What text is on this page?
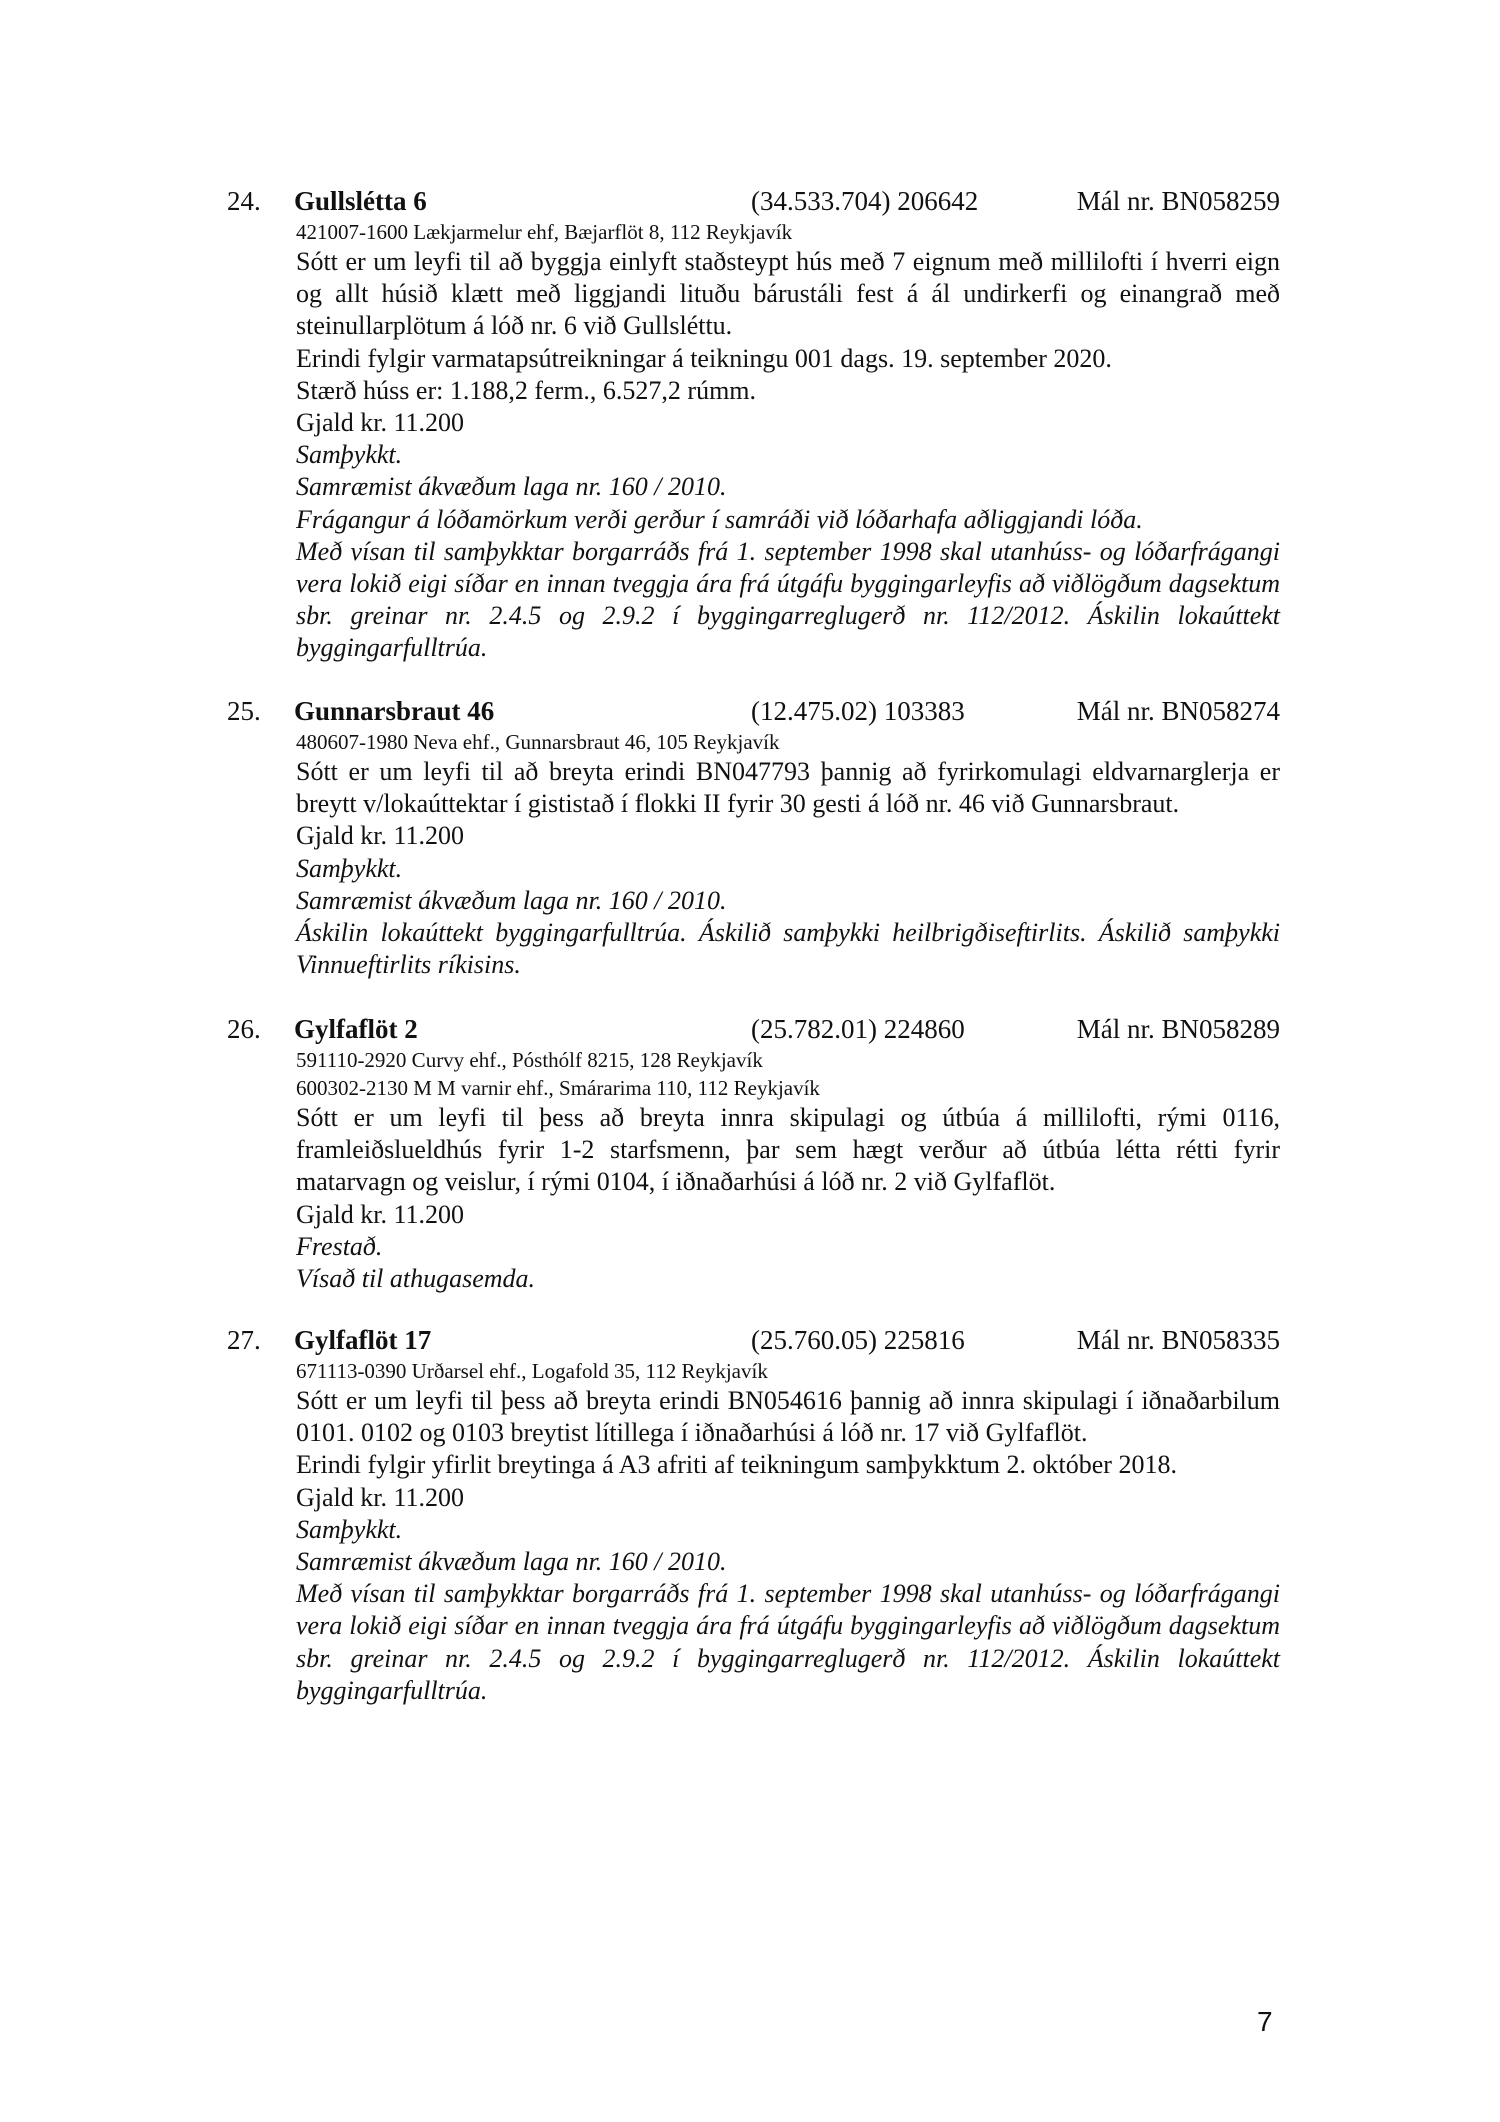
24. Gullslétta 6	(34.533.704) 206642	Mál nr. BN058259
421007-1600 Lækjarmelur ehf, Bæjarflöt 8, 112 Reykjavík

Sótt er um leyfi til að byggja einlyft staðsteypt hús með 7 eignum með millilofti í hverri eign og allt húsið klætt með liggjandi lituðu bárustáli fest á ál undirkerfi og einangrað með steinullarplötum á lóð nr. 6 við Gullsléttu.

Erindi fylgir varmatapsútreikningar á teikningu 001 dags. 19. september 2020.

Stærð húss er: 1.188,2 ferm., 6.527,2 rúmm.

Gjald kr. 11.200

Samþykkt.

Samræmist ákvæðum laga nr. 160 / 2010.

Frágangur á lóðamörkum verði gerður í samráði við lóðarhafa aðliggjandi lóða.

Með vísan til samþykktar borgarráðs frá 1. september 1998 skal utanhúss- og lóðarfrágangi vera lokið eigi síðar en innan tveggja ára frá útgáfu byggingarleyfis að viðlögðum dagsektum sbr. greinar nr. 2.4.5 og 2.9.2 í byggingarreglugerð nr. 112/2012. Áskilin lokaúttekt byggingarfulltrúa.

25. Gunnarsbraut 46	(12.475.02) 103383	Mál nr. BN058274
480607-1980 Neva ehf., Gunnarsbraut 46, 105 Reykjavík

Sótt er um leyfi til að breyta erindi BN047793 þannig að fyrirkomulagi eldvarnarglerja er breytt v/lokaúttektar í gististað í flokki II fyrir 30 gesti á lóð nr. 46 við Gunnarsbraut.

Gjald kr. 11.200

Samþykkt.

Samræmist ákvæðum laga nr. 160 / 2010.

Áskilin lokaúttekt byggingarfulltrúa. Áskilið samþykki heilbrigðiseftirlits. Áskilið samþykki Vinnueftirlits ríkisins.

26. Gylfaflöt 2	(25.782.01) 224860	Mál nr. BN058289
591110-2920 Curvy ehf., Pósthólf 8215, 128 Reykjavík
600302-2130 M M varnir ehf., Smárarima 110, 112 Reykjavík

Sótt er um leyfi til þess að breyta innra skipulagi og útbúa á millilofti, rými 0116, framleiðslueldhús fyrir 1-2 starfsmenn, þar sem hægt verður að útbúa létta rétti fyrir matarvagn og veislur, í rými 0104, í iðnaðarhúsi á lóð nr. 2 við Gylfaflöt.

Gjald kr. 11.200

Frestað.

Vísað til athugasemda.

27. Gylfaflöt 17	(25.760.05) 225816	Mál nr. BN058335
671113-0390 Urðarsel ehf., Logafold 35, 112 Reykjavík

Sótt er um leyfi til þess að breyta erindi BN054616 þannig að innra skipulagi í iðnaðarbilum 0101. 0102 og 0103 breytist lítillega í iðnaðarhúsi á lóð nr. 17 við Gylfaflöt.

Erindi fylgir yfirlit breytinga á A3 afriti af teikningum samþykktum 2. október 2018.

Gjald kr. 11.200

Samþykkt.

Samræmist ákvæðum laga nr. 160 / 2010.

Með vísan til samþykktar borgarráðs frá 1. september 1998 skal utanhúss- og lóðarfrágangi vera lokið eigi síðar en innan tveggja ára frá útgáfu byggingarleyfis að viðlögðum dagsektum sbr. greinar nr. 2.4.5 og 2.9.2 í byggingarreglugerð nr. 112/2012. Áskilin lokaúttekt byggingarfulltrúa.

7
